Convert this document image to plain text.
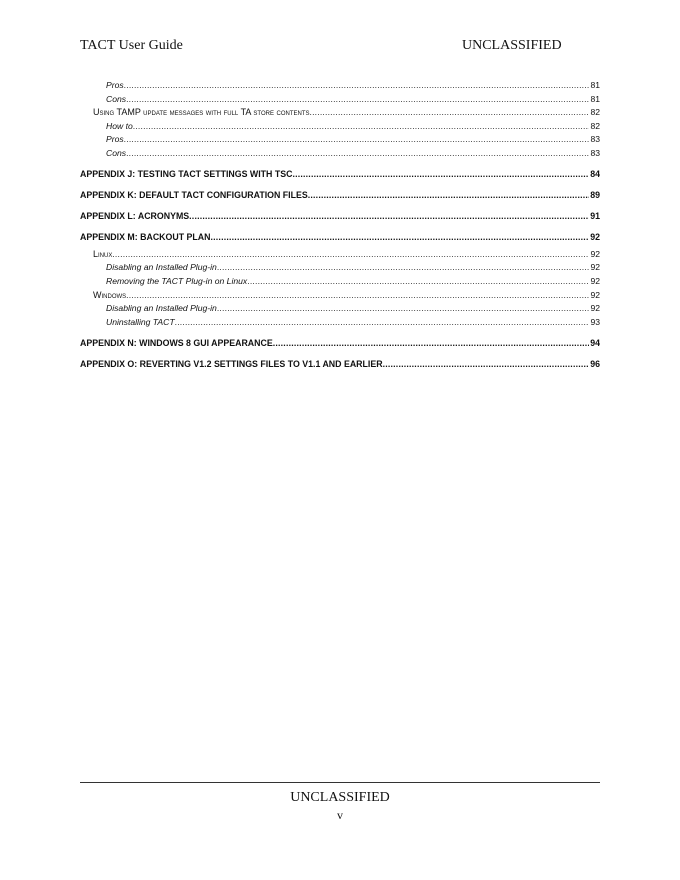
TACT User Guide	UNCLASSIFIED
Pros .....	81
Cons .....	81
Using TAMP update messages with full TA store contents .....	82
How to .....	82
Pros .....	83
Cons .....	83
APPENDIX J: TESTING TACT SETTINGS WITH TSC .....	84
APPENDIX K: DEFAULT TACT CONFIGURATION FILES .....	89
APPENDIX L: ACRONYMS .....	91
APPENDIX M: BACKOUT PLAN .....	92
Linux .....	92
Disabling an Installed Plug-in .....	92
Removing the TACT Plug-in on Linux .....	92
Windows .....	92
Disabling an Installed Plug-in .....	92
Uninstalling TACT .....	93
APPENDIX N: WINDOWS 8 GUI APPEARANCE .....	94
APPENDIX O: REVERTING V1.2 SETTINGS FILES TO V1.1 AND EARLIER .....	96
UNCLASSIFIED
v
